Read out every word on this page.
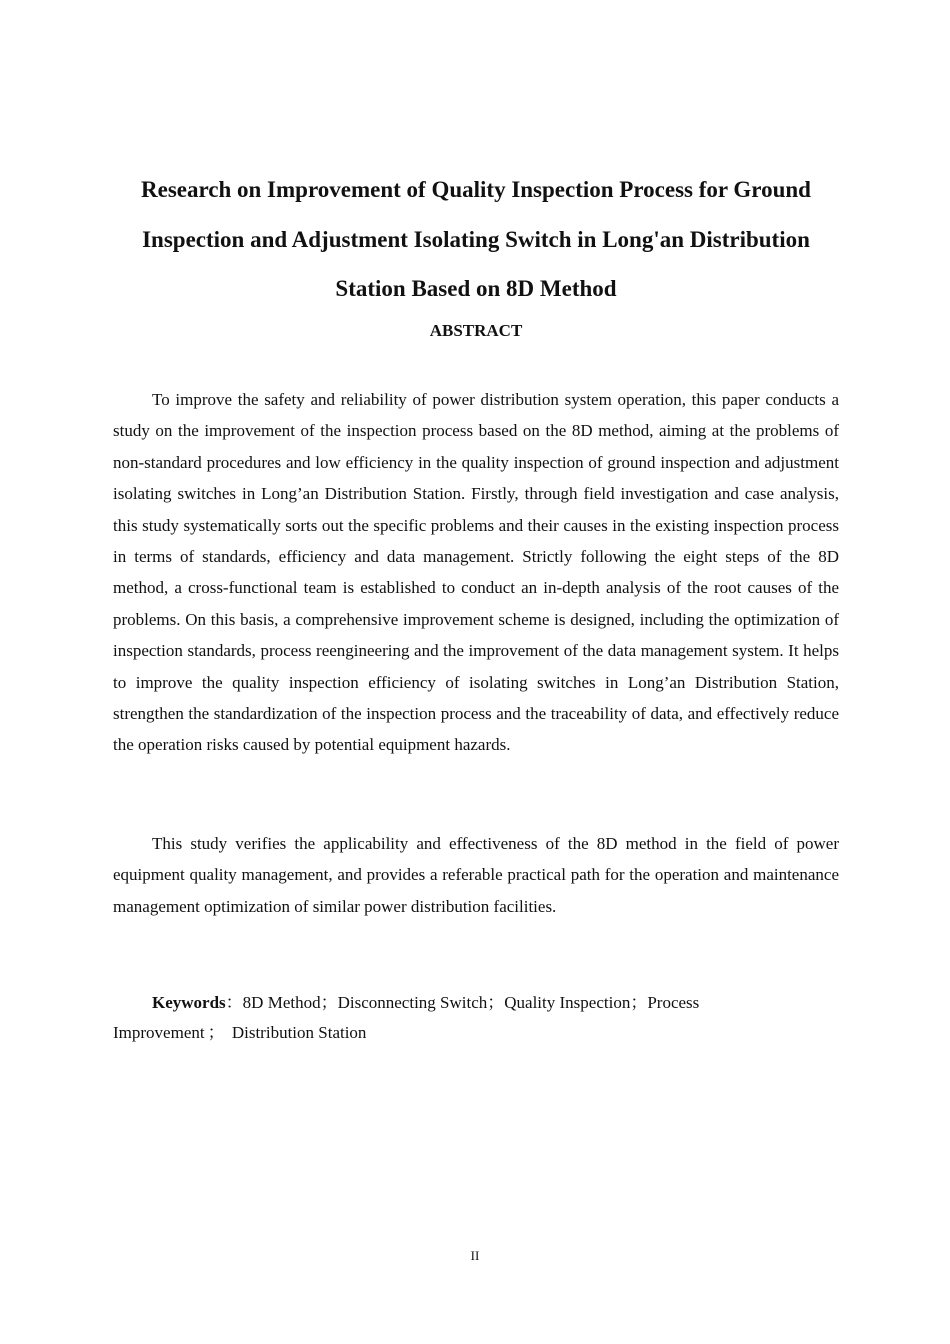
Research on Improvement of Quality Inspection Process for Ground Inspection and Adjustment Isolating Switch in Long'an Distribution Station Based on 8D Method
ABSTRACT

To improve the safety and reliability of power distribution system operation, this paper conducts a study on the improvement of the inspection process based on the 8D method, aiming at the problems of non-standard procedures and low efficiency in the quality inspection of ground inspection and adjustment isolating switches in Long’an Distribution Station. Firstly, through field investigation and case analysis, this study systematically sorts out the specific problems and their causes in the existing inspection process in terms of standards, efficiency and data management. Strictly following the eight steps of the 8D method, a cross-functional team is established to conduct an in-depth analysis of the root causes of the problems. On this basis, a comprehensive improvement scheme is designed, including the optimization of inspection standards, process reengineering and the improvement of the data management system. It helps to improve the quality inspection efficiency of isolating switches in Long’an Distribution Station, strengthen the standardization of the inspection process and the traceability of data, and effectively reduce the operation risks caused by potential equipment hazards.

This study verifies the applicability and effectiveness of the 8D method in the field of power equipment quality management, and provides a referable practical path for the operation and maintenance management optimization of similar power distribution facilities.

Keywords：8D Method；Disconnecting Switch；Quality Inspection；Process Improvement ； Distribution Station

II
